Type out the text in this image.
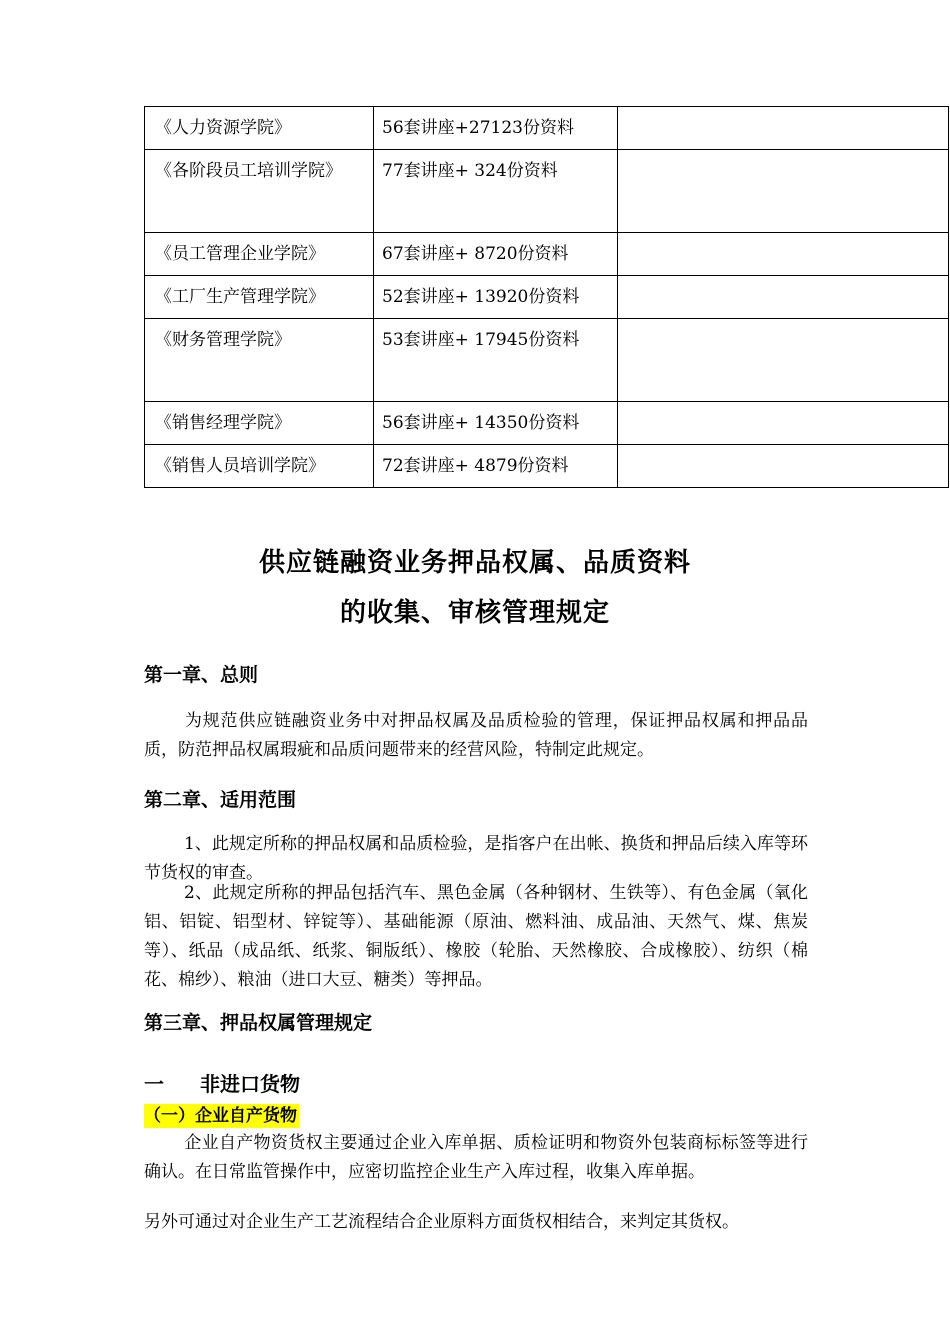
《人力资源学院》	56套讲座+27123份资料	

《各阶段员工培训学院》	77套讲座+ 324份资料	

《员工管理企业学院》	67套讲座+ 8720份资料	

《工厂生产管理学院》	52套讲座+ 13920份资料	

《财务管理学院》	53套讲座+ 17945份资料	

《销售经理学院》	56套讲座+ 14350份资料	

《销售人员培训学院》	72套讲座+ 4879份资料	

供应链融资业务押品权属、品质资料
的收集、审核管理规定
第一章、总则
为规范供应链融资业务中对押品权属及品质检验的管理，保证押品权属和押品品质，防范押品权属瑕疵和品质问题带来的经营风险，特制定此规定。
第二章、适用范围
1、此规定所称的押品权属和品质检验，是指客户在出帐、换货和押品后续入库等环节货权的审查。
2、此规定所称的押品包括汽车、黑色金属（各种钢材、生铁等）、有色金属（氧化铝、铝锭、铝型材、锌锭等）、基础能源（原油、燃料油、成品油、天然气、煤、焦炭等）、纸品（成品纸、纸浆、铜版纸）、橡胶（轮胎、天然橡胶、合成橡胶）、纺织（棉花、棉纱）、粮油（进口大豆、糖类）等押品。
第三章、押品权属管理规定
一 非进口货物
（一）企业自产货物
企业自产物资货权主要通过企业入库单据、质检证明和物资外包装商标标签等进行确认。在日常监管操作中，应密切监控企业生产入库过程，收集入库单据。
另外可通过对企业生产工艺流程结合企业原料方面货权相结合，来判定其货权。
